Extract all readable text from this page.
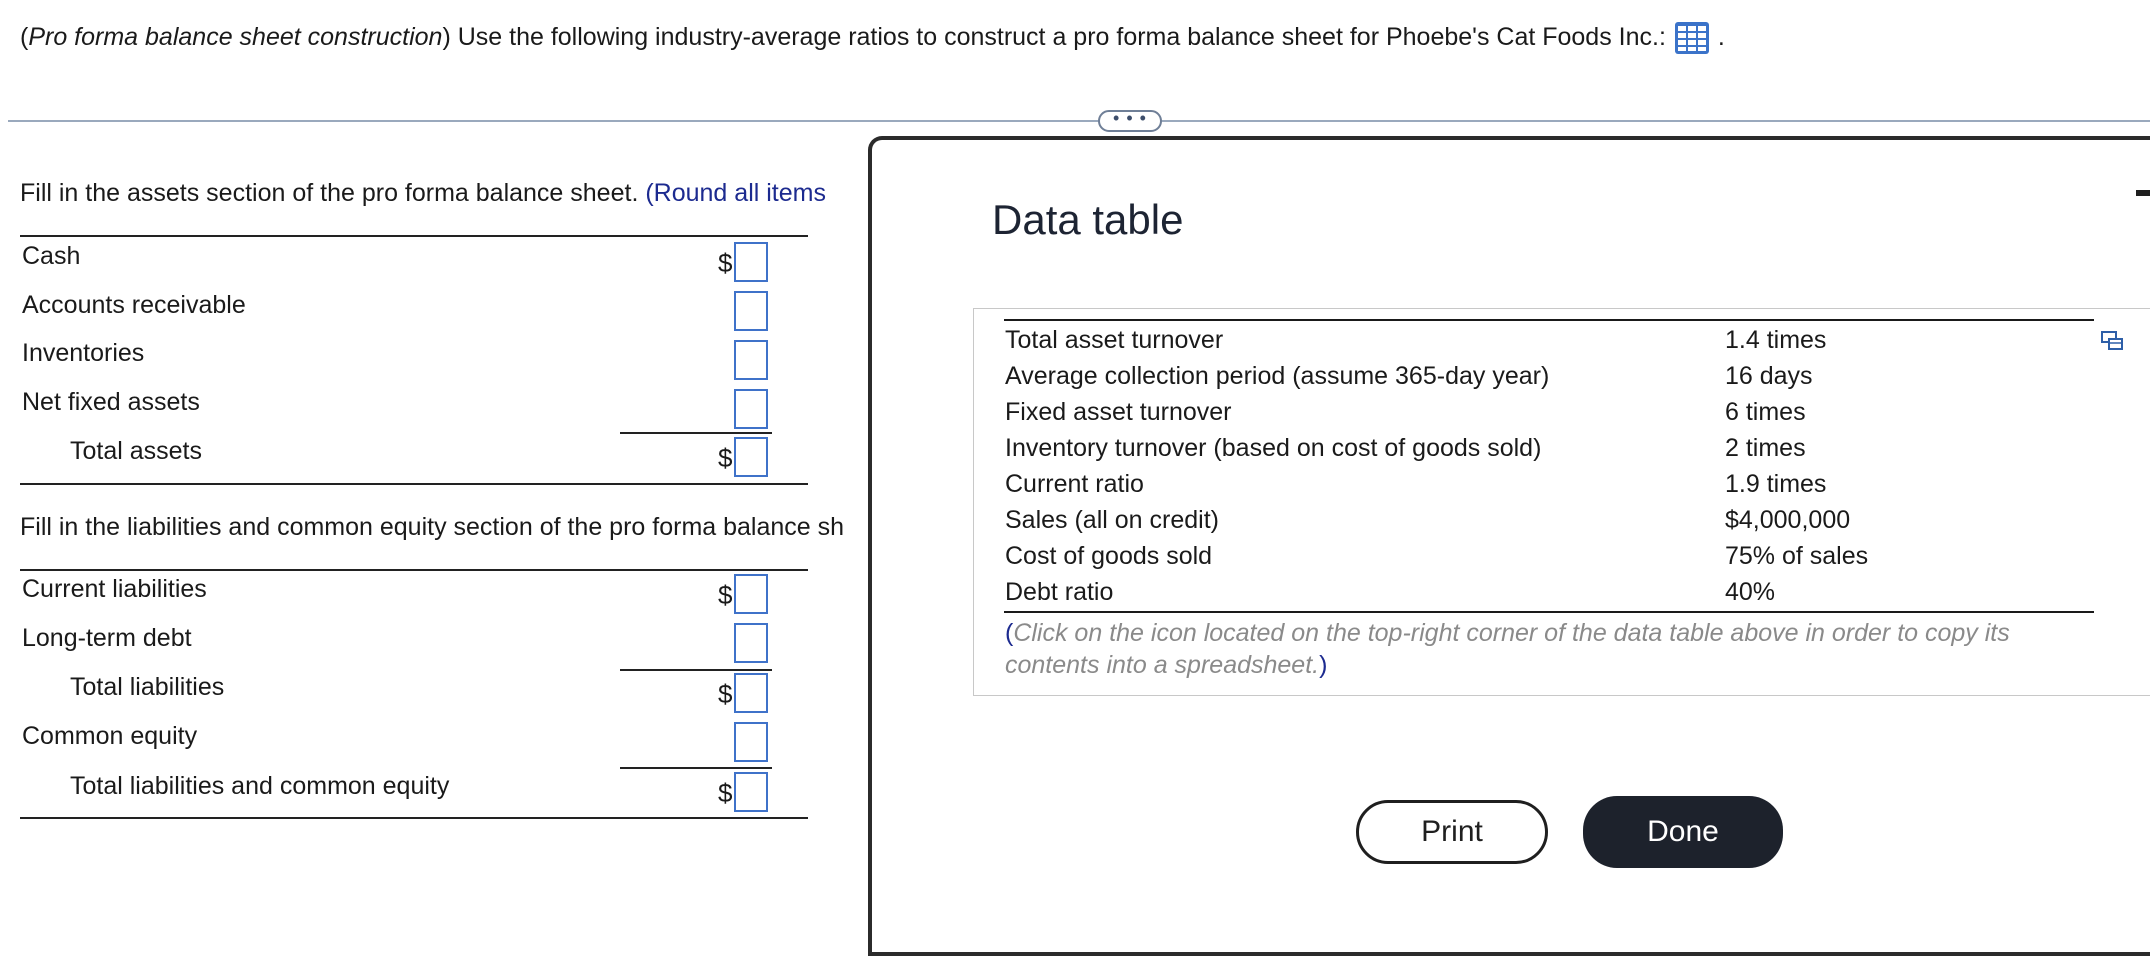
(Pro forma balance sheet construction) Use the following industry-average ratios to construct a pro forma balance sheet for Phoebe's Cat Foods Inc.: .
• • •
Fill in the assets section of the pro forma balance sheet. (Round all items
Cash	$
Accounts receivable
Inventories
Net fixed assets
Total assets	$
Fill in the liabilities and common equity section of the pro forma balance sh
Current liabilities	$
Long-term debt
Total liabilities	$
Common equity
Total liabilities and common equity	$
Data table
Total asset turnover	1.4 times
Average collection period (assume 365-day year)	16 days
Fixed asset turnover	6 times
Inventory turnover (based on cost of goods sold)	2 times
Current ratio	1.9 times
Sales (all on credit)	$4,000,000
Cost of goods sold	75% of sales
Debt ratio	40%
(Click on the icon located on the top-right corner of the data table above in order to copy its contents into a spreadsheet.)
Print	Done
